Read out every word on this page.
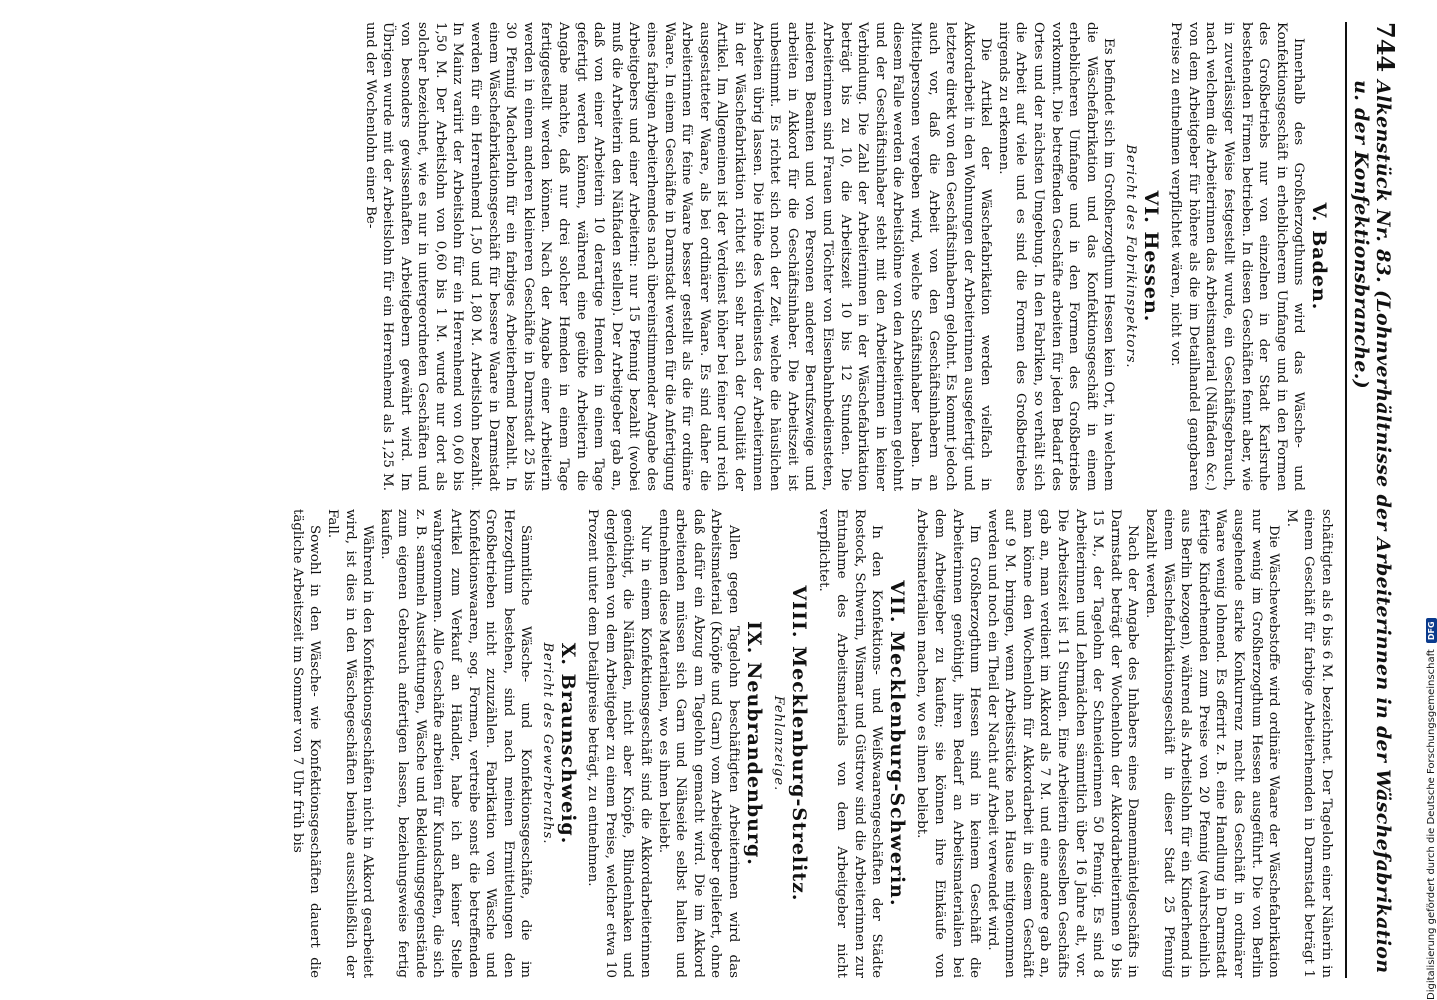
744
Alkenstück Nr. 83. (Lohnverhältnisse der Arbeiterinnen in der Wäschefabrikation u. der Konfektionsbranche.)
V. Baden.

Innerhalb des Großherzogthums wird das Wäsche- und Konfektionsgeschäft in erheblicherem Umfange und in den Formen des Großbetriebs nur von einzelnen in der Stadt Karlsruhe bestehenden Firmen betrieben. In diesen Geschäften fennt aber, wie in zuverlässiger Weise festgestellt wurde, ein Geschäftsgebrauch, nach welchem die Arbeiterinnen das Arbeitsmaterial (Nähfaden &c.) von dem Arbeitgeber für höhere als die im Detailhandel gangbaren Preise zu entnehmen verpflichtet wären, nicht vor.

VI. Hessen.
Bericht des Fabrikinspektors.

Es befindet sich im Großherzogthum Hessen kein Ort, in welchem die Wäschefabrikation und das Konfektionsgeschäft in einem erheblicheren Umfange und in den Formen des Großbetriebs vorkommt. Die betreffenden Geschäfte arbeiten für jeden Bedarf des Ortes und der nächsten Umgebung. In den Fabriken, so verhält sich die Arbeit auf viele und es sind die Formen des Großbetriebes nirgends zu erkennen.

Die Artikel der Wäschefabrikation werden vielfach in Akkordarbeit in den Wohnungen der Arbeiterinnen ausgefertigt und letztere direkt von den Geschäftsinhabern gelohnt. Es kommt jedoch auch vor, daß die Arbeit von den Geschäftsinhabern an Mittelpersonen vergeben wird, welche Schäftsinhaber haben. In diesem Falle werden die Arbeitslöhne von den Arbeiterinnen gelohnt und der Geschäftsinhaber steht mit den Arbeiterinnen in keiner Verbindung. Die Zahl der Arbeiterinnen in der Wäschefabrikation beträgt bis zu 10, die Arbeitszeit 10 bis 12 Stunden. Die Arbeiterinnen sind Frauen und Töchter von Eisenbahnbediensteten, niederen Beamten und von Personen anderer Berufszweige und arbeiten in Akkord für die Geschäftsinhaber. Die Arbeitszeit ist unbestimmt. Es richtet sich noch der Zeit, welche die häuslichen Arbeiten übrig lassen. Die Höhe des Verdienstes der Arbeiterinnen in der Wäschefabrikation richtet sich sehr nach der Qualität der Artikel. Im Allgemeinen ist der Verdienst höher bei feiner und reich ausgestatteter Waare, als bei ordinärer Waare. Es sind daher die Arbeiterinnen für feine Waare besser gestellt als die für ordinäre Waare. In einem Geschäfte in Darmstadt werden für die Anfertigung eines farbigen Arbeiterhemdes nach übereinstimmender Angabe des Arbeitgebers und einer Arbeiterin: nur 15 Pfennig bezahlt (wobei muß die Arbeiterin den Nähfaden stellen). Der Arbeitgeber gab an, daß von einer Arbeiterin 10 derartige Hemden in einem Tage gefertigt werden können, während eine geübte Arbeiterin die Angabe machte, daß nur drei solcher Hemden in einem Tage fertiggestellt werden können. Nach der Angabe einer Arbeiterin werden in einem anderen kleineren Geschäfte in Darmstadt 25 bis 30 Pfennig Macherlohn für ein farbiges Arbeiterhemd bezahlt. In einem Wäschefabrikationsgeschäft für bessere Waare in Darmstadt werden für ein Herrenhemd 1,50 und 1,80 M. Arbeitslohn bezahlt. In Mainz variirt der Arbeitslohn für ein Herrenhemd von 0,60 bis 1,50 M. Der Arbeitslohn von 0,60 bis 1 M. wurde nur dort als solcher bezeichnet, wie es nur in untergeordneten Geschäften und von besonders gewissenhaften Arbeitgebern gewährt wird. Im Übrigen wurde mit der Arbeitslohn für ein Herrenhemd als 1,25 M. und der Wochenlohn einer Be-

schäftigten als 6 bis 6 M. bezeichnet. Der Tagelohn einer Näherin in einem Geschäft für farbige Arbeiterhemden in Darmstadt beträgt 1 M.

Die Wäschewebstoffe wird ordinäre Waare der Wäschefabrikation nur wenig im Großherzogthum Hessen ausgeführt. Die von Berlin ausgehende starke Konkurrenz macht das Geschäft in ordinärer Waare wenig lohnend. Es offerirt z. B. eine Handlung in Darmstadt fertige Kinderhemden zum Preise von 20 Pfennig (wahrscheinlich aus Berlin bezogen), während als Arbeitslohn für ein Kinderhemd in einem Wäschefabrikationsgeschäft in dieser Stadt 25 Pfennig bezahlt werden.

Nach der Angabe des Inhabers eines Damenmäntelgeschäfts in Darmstadt beträgt der Wochenlohn der Akkordarbeiterinnen 9 bis 15 M., der Tagelohn der Schneiderinnen 50 Pfennig. Es sind 8 Arbeiterinnen und Lehrmädchen sämmtlich über 16 Jahre alt, vor. Die Arbeitszeit ist 11 Stunden. Eine Arbeiterin desselben Geschäfts gab an, man verdient im Akkord als 7 M. und eine andere gab an, man könne den Wochenlohn für Akkordarbeit in diesem Geschäft auf 9 M. bringen, wenn Arbeitsstücke nach Hause mitgenommen werden und noch ein Theil der Nacht auf Arbeit verwendet wird.

Im Großherzogthum Hessen sind in keinem Geschäft die Arbeiterinnen genöthigt, ihren Bedarf an Arbeitsmaterialien bei dem Arbeitgeber zu kaufen; sie können ihre Einkäufe von Arbeitsmaterialien machen, wo es ihnen beliebt.

VII. Mecklenburg-Schwerin.

In den Konfektions- und Weißwaarengeschäften der Städte Rostock, Schwerin, Wismar und Güstrow sind die Arbeiterinnen zur Entnahme des Arbeitsmaterials von dem Arbeitgeber nicht verpflichtet.

VIII. Mecklenburg-Strelitz.
Fehlanzeige.
IX. Neubrandenburg.

Allen gegen Tagelohn beschäftigten Arbeiterinnen wird das Arbeitsmaterial (Knöpfe und Garn) vom Arbeitgeber geliefert, ohne daß dafür ein Abzug am Tagelohn gemacht wird. Die im Akkord arbeitenden müssen sich Garn und Nähseide selbst halten und entnehmen diese Materialien, wo es ihnen beliebt.

Nur in einem Konfektionsgeschäft sind die Akkordarbeiterinnen genöthigt, die Nähfäden, nicht aber Knöpfe, Blindenhaken und dergleichen von dem Arbeitgeber zu einem Preise, welcher etwa 10 Prozent unter dem Detailpreise beträgt, zu entnehmen.

X. Braunschweig.
Bericht des Gewerberaths.

Sämmtliche Wäsche- und Konfektionsgeschäfte, die im Herzogthum bestehen, sind nach meinen Ermittelungen den Großbetrieben nicht zuzuzählen. Fabrikation von Wäsche und Konfektionswaaren, sog. Formen, vertreibe sonst die betreffenden Artikel zum Verkauf an Händler, habe ich an keiner Stelle wahrgenommen. Alle Geschäfte arbeiten für Kundschaften, die sich z. B. sammeln Ausstattungen, Wäsche und Bekleidungsgegenstände zum eigenen Gebrauch anfertigen lassen, beziehungsweise fertig kaufen.

Während in den Konfektionsgeschäften nicht in Akkord gearbeitet wird, ist dies in den Wäschegeschäften beinahe ausschließlich der Fall.

Sowohl in den Wäsche- wie Konfektionsgeschäften dauert die tägliche Arbeitszeit im Sommer von 7 Uhr früh bis	Digitalisierung gefördert durch die Deutsche Forschungsgemeinschaft
DFG
